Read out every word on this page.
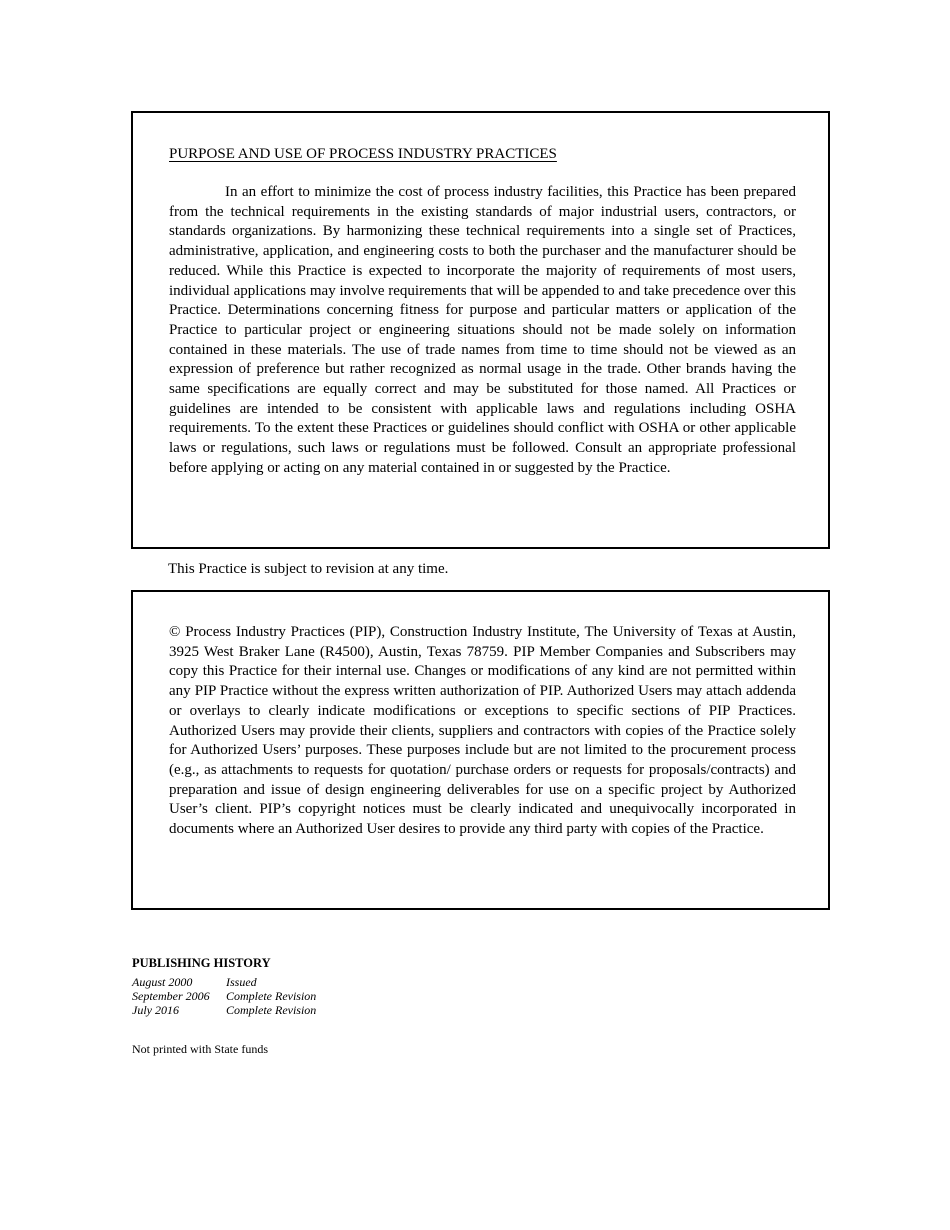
PURPOSE AND USE OF PROCESS INDUSTRY PRACTICES

In an effort to minimize the cost of process industry facilities, this Practice has been prepared from the technical requirements in the existing standards of major industrial users, contractors, or standards organizations. By harmonizing these technical requirements into a single set of Practices, administrative, application, and engineering costs to both the purchaser and the manufacturer should be reduced. While this Practice is expected to incorporate the majority of requirements of most users, individual applications may involve requirements that will be appended to and take precedence over this Practice. Determinations concerning fitness for purpose and particular matters or application of the Practice to particular project or engineering situations should not be made solely on information contained in these materials. The use of trade names from time to time should not be viewed as an expression of preference but rather recognized as normal usage in the trade. Other brands having the same specifications are equally correct and may be substituted for those named. All Practices or guidelines are intended to be consistent with applicable laws and regulations including OSHA requirements. To the extent these Practices or guidelines should conflict with OSHA or other applicable laws or regulations, such laws or regulations must be followed. Consult an appropriate professional before applying or acting on any material contained in or suggested by the Practice.

This Practice is subject to revision at any time.

© Process Industry Practices (PIP), Construction Industry Institute, The University of Texas at Austin, 3925 West Braker Lane (R4500), Austin, Texas 78759. PIP Member Companies and Subscribers may copy this Practice for their internal use. Changes or modifications of any kind are not permitted within any PIP Practice without the express written authorization of PIP. Authorized Users may attach addenda or overlays to clearly indicate modifications or exceptions to specific sections of PIP Practices. Authorized Users may provide their clients, suppliers and contractors with copies of the Practice solely for Authorized Users’ purposes. These purposes include but are not limited to the procurement process (e.g., as attachments to requests for quotation/ purchase orders or requests for proposals/contracts) and preparation and issue of design engineering deliverables for use on a specific project by Authorized User’s client. PIP’s copyright notices must be clearly indicated and unequivocally incorporated in documents where an Authorized User desires to provide any third party with copies of the Practice.

PUBLISHING HISTORY
August 2000	Issued
September 2006	Complete Revision
July 2016	Complete Revision
Not printed with State funds
